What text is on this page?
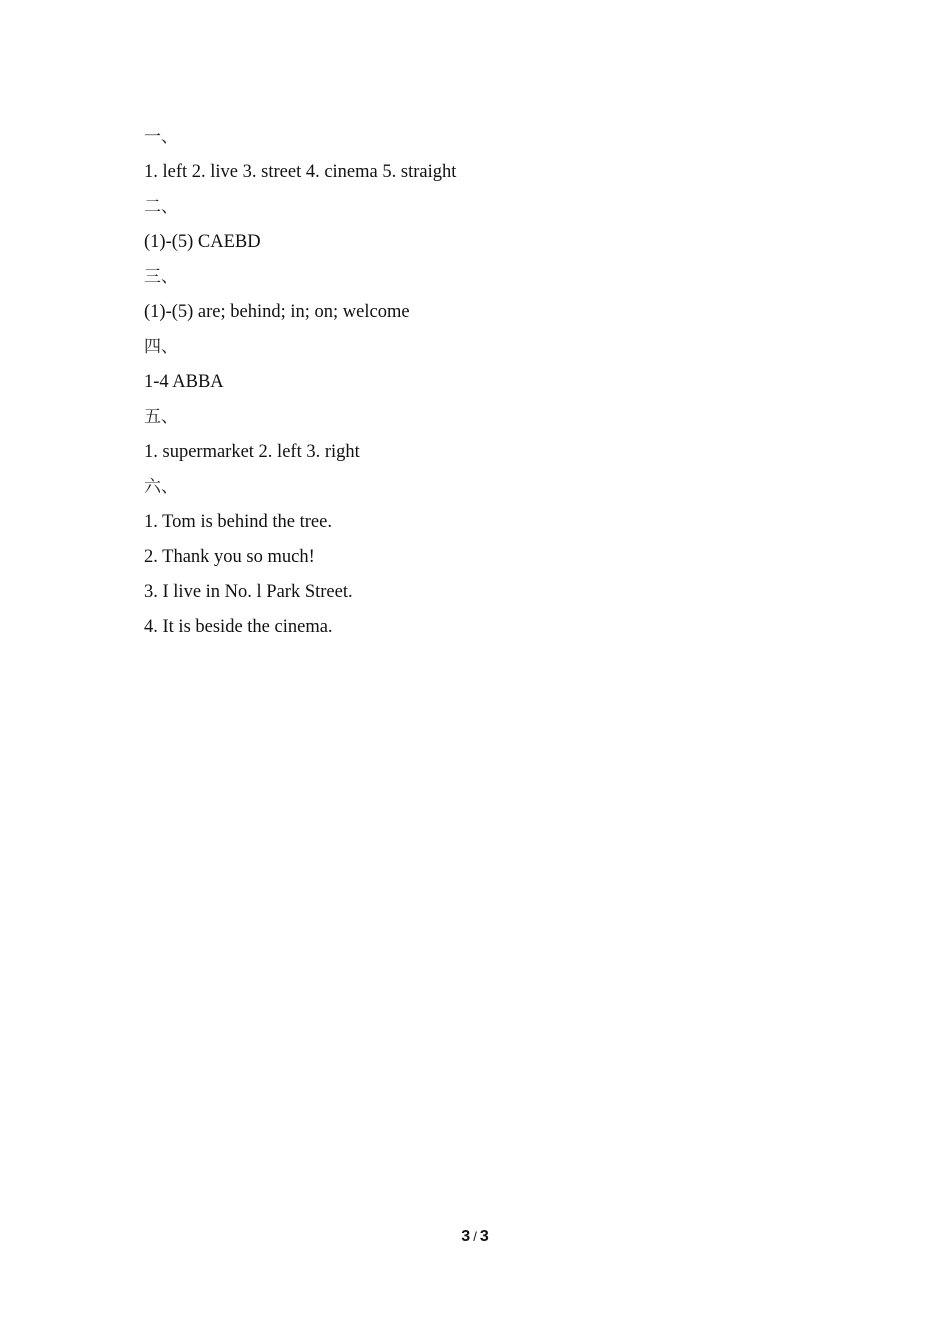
一、
1. left 2. live 3. street 4. cinema 5. straight
二、
(1)-(5) CAEBD
三、
(1)-(5) are; behind; in; on; welcome
四、
1-4 ABBA
五、
1. supermarket 2. left 3. right
六、
1. Tom is behind the tree.
2. Thank you so much!
3. I live in No. l Park Street.
4. It is beside the cinema.
3 / 3
